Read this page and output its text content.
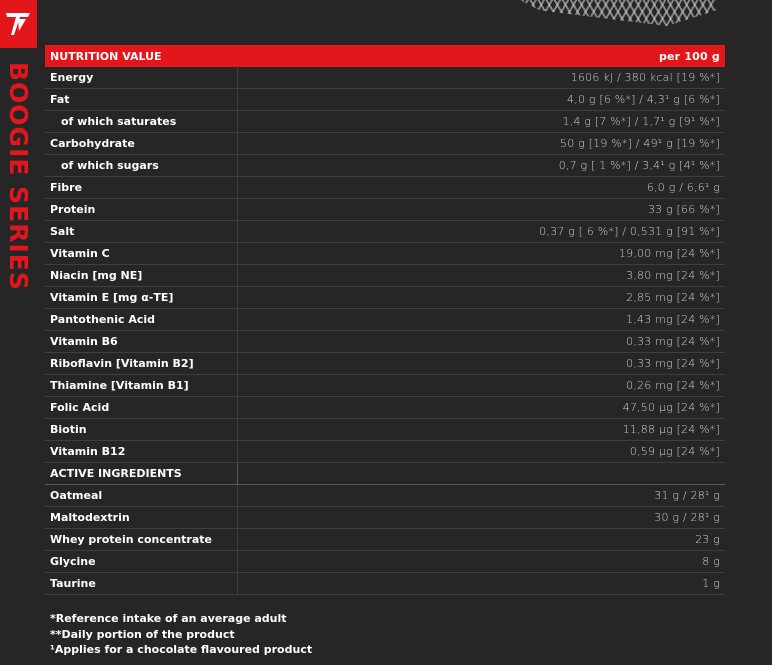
BOOGIE SERIES
NUTRITION VALUE	per 100 g
Energy	1606 kJ / 380 kcal [19 %*]
Fat	4,0 g [6 %*] / 4,3¹ g [6 %*]
of which saturates	1,4 g [7 %*] / 1,7¹ g [9¹ %*]
Carbohydrate	50 g [19 %*] / 49¹ g [19 %*]
of which sugars	0,7 g [ 1 %*] / 3,4¹ g [4¹ %*]
Fibre	6,0 g / 6,6¹ g
Protein	33 g [66 %*]
Salt	0,37 g [ 6 %*] / 0,531 g [91 %*]
Vitamin C	19,00 mg [24 %*]
Niacin [mg NE]	3,80 mg [24 %*]
Vitamin E [mg α-TE]	2,85 mg [24 %*]
Pantothenic Acid	1,43 mg [24 %*]
Vitamin B6	0,33 mg [24 %*]
Riboflavin [Vitamin B2]	0,33 mg [24 %*]
Thiamine [Vitamin B1]	0,26 mg [24 %*]
Folic Acid	47,50 µg [24 %*]
Biotin	11,88 µg [24 %*]
Vitamin B12	0,59 µg [24 %*]
ACTIVE INGREDIENTS	
Oatmeal	31 g / 28¹ g
Maltodextrin	30 g / 28¹ g
Whey protein concentrate	23 g
Glycine	8 g
Taurine	1 g
*Reference intake of an average adult
**Daily portion of the product
¹Applies for a chocolate flavoured product
